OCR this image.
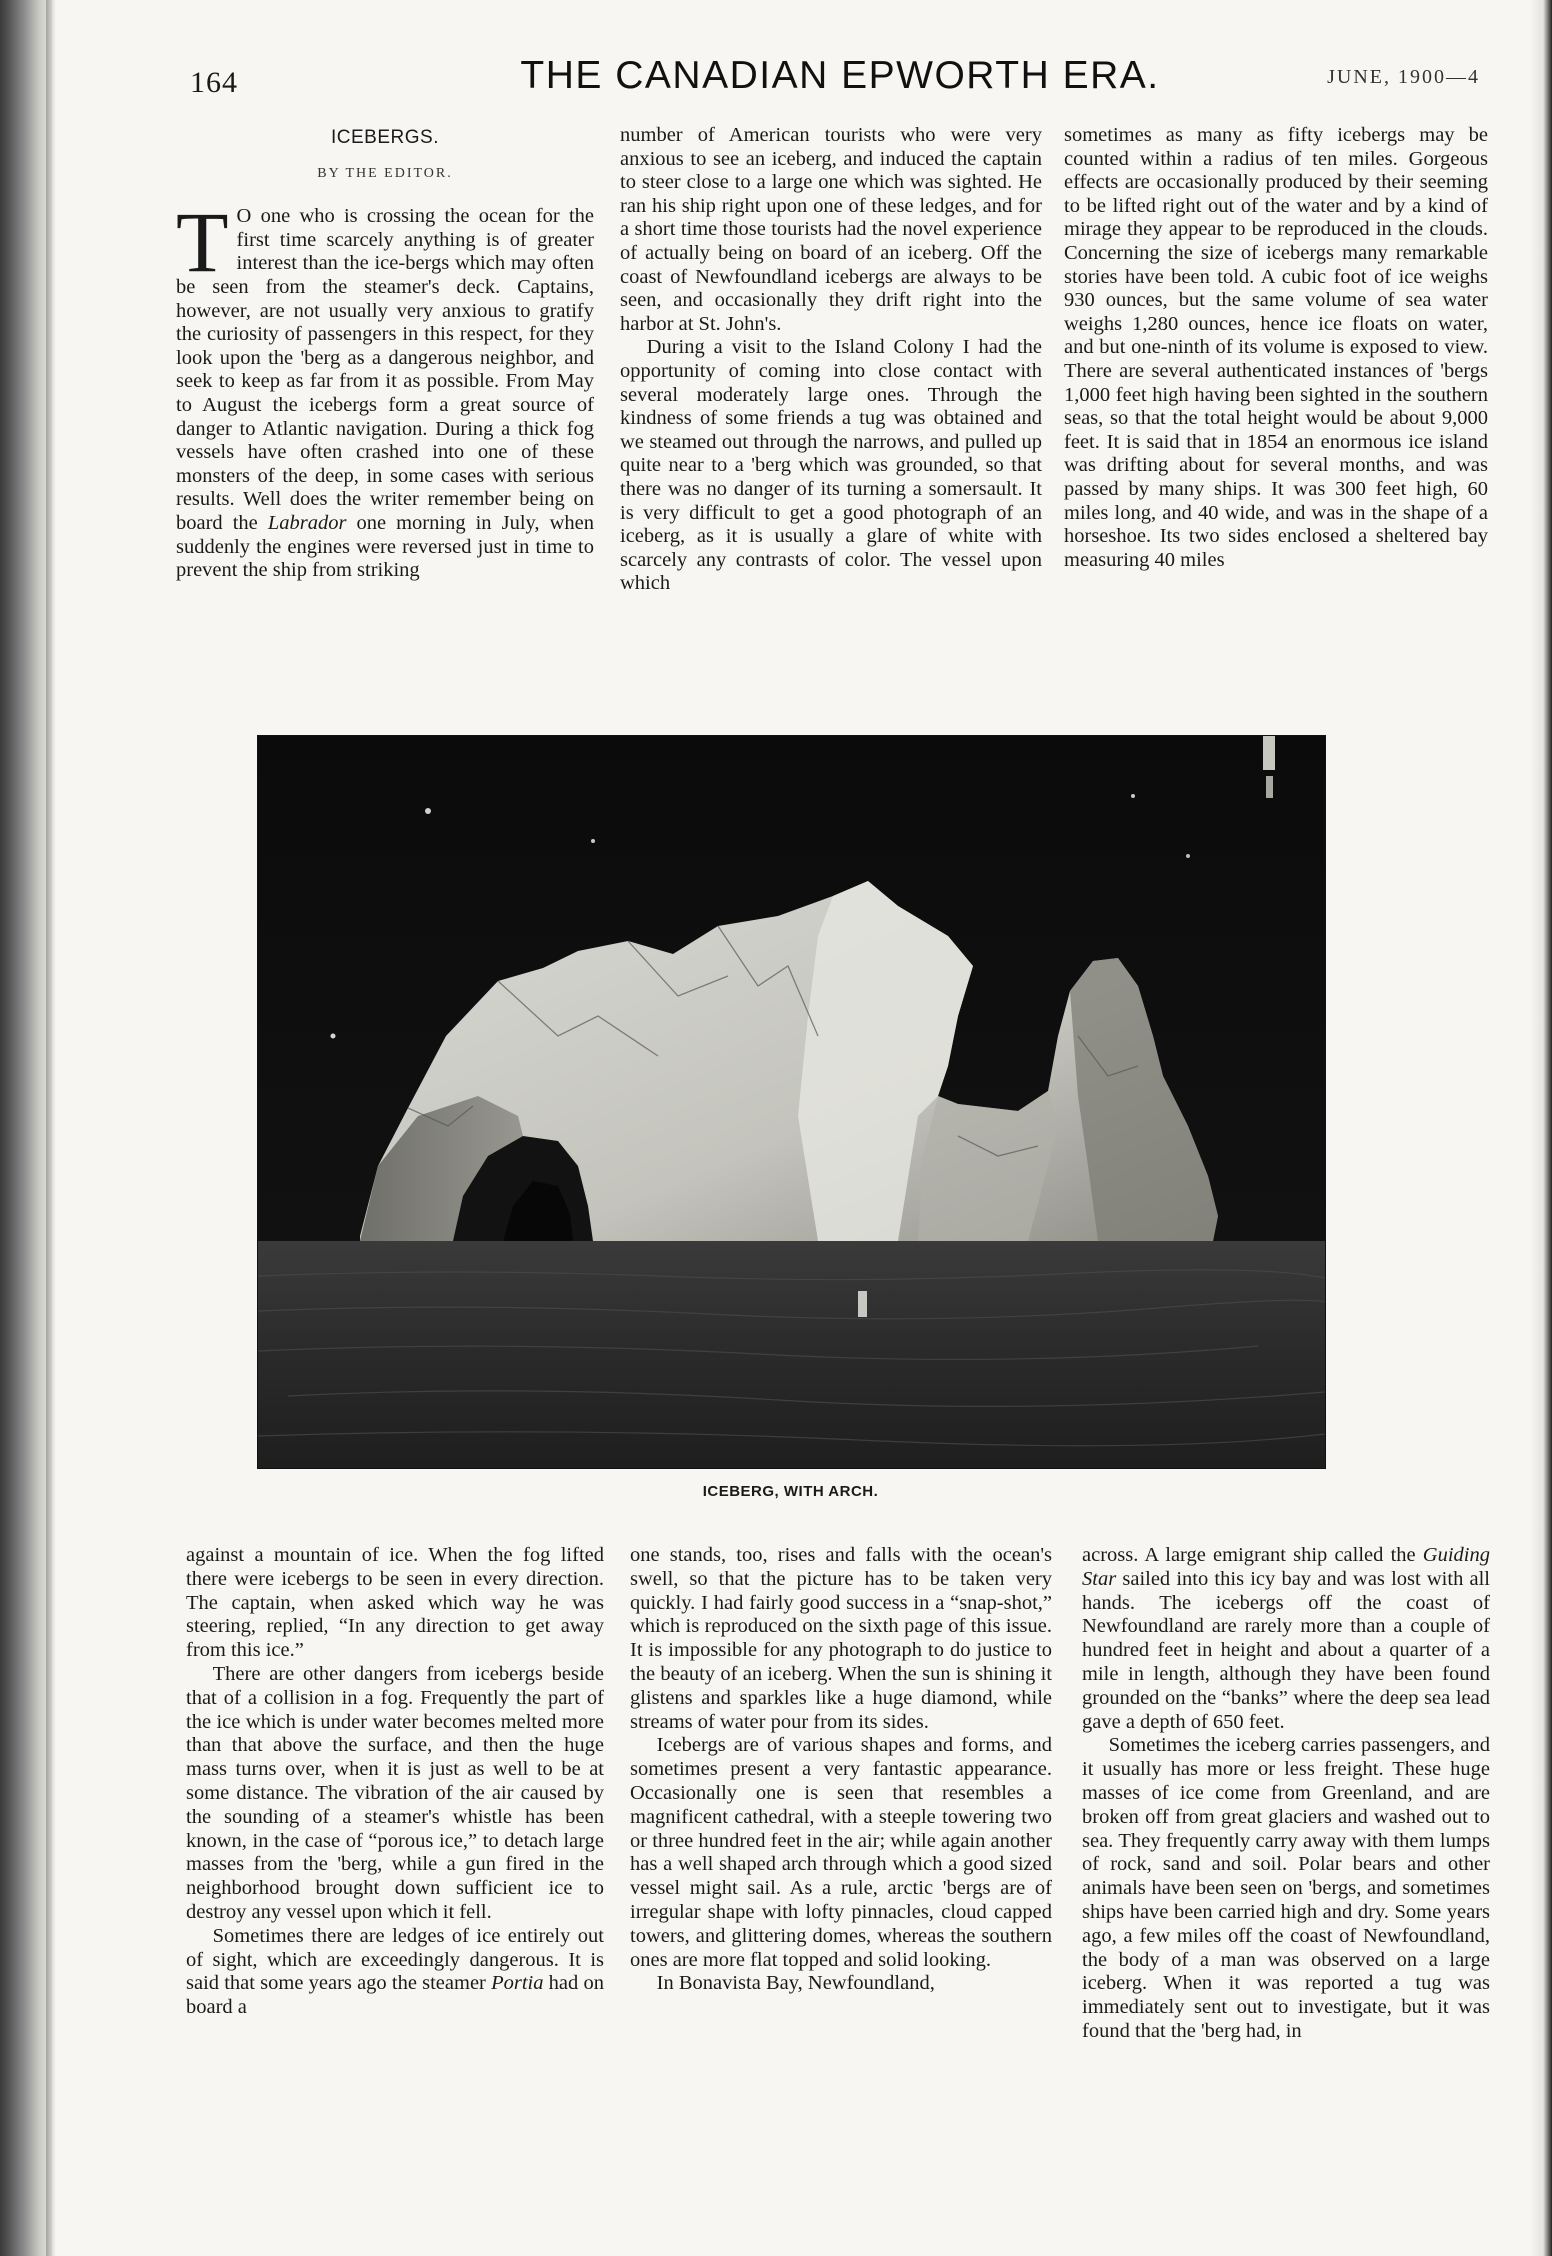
164	THE CANADIAN EPWORTH ERA.	JUNE, 1900—4
ICEBERGS.
BY THE EDITOR.

T O one who is crossing the ocean for the first time scarcely anything is of greater interest than the ice-bergs which may often be seen from the steamer's deck. Captains, however, are not usually very anxious to gratify the curiosity of passengers in this respect, for they look upon the 'berg as a dangerous neighbor, and seek to keep as far from it as possible. From May to August the icebergs form a great source of danger to Atlantic navigation. During a thick fog vessels have often crashed into one of these monsters of the deep, in some cases with serious results. Well does the writer remember being on board the Labrador one morning in July, when suddenly the engines were reversed just in time to prevent the ship from striking

number of American tourists who were very anxious to see an iceberg, and induced the captain to steer close to a large one which was sighted. He ran his ship right upon one of these ledges, and for a short time those tourists had the novel experience of actually being on board of an iceberg. Off the coast of Newfoundland icebergs are always to be seen, and occasionally they drift right into the harbor at St. John's.

During a visit to the Island Colony I had the opportunity of coming into close contact with several moderately large ones. Through the kindness of some friends a tug was obtained and we steamed out through the narrows, and pulled up quite near to a 'berg which was grounded, so that there was no danger of its turning a somersault. It is very difficult to get a good photograph of an iceberg, as it is usually a glare of white with scarcely any contrasts of color. The vessel upon which

sometimes as many as fifty icebergs may be counted within a radius of ten miles. Gorgeous effects are occasionally produced by their seeming to be lifted right out of the water and by a kind of mirage they appear to be reproduced in the clouds. Concerning the size of icebergs many remarkable stories have been told. A cubic foot of ice weighs 930 ounces, but the same volume of sea water weighs 1,280 ounces, hence ice floats on water, and but one-ninth of its volume is exposed to view. There are several authenticated instances of 'bergs 1,000 feet high having been sighted in the southern seas, so that the total height would be about 9,000 feet. It is said that in 1854 an enormous ice island was drifting about for several months, and was passed by many ships. It was 300 feet high, 60 miles long, and 40 wide, and was in the shape of a horseshoe. Its two sides enclosed a sheltered bay measuring 40 miles

ICEBERG, WITH ARCH.

against a mountain of ice. When the fog lifted there were icebergs to be seen in every direction. The captain, when asked which way he was steering, replied, “In any direction to get away from this ice.”

There are other dangers from icebergs beside that of a collision in a fog. Frequently the part of the ice which is under water becomes melted more than that above the surface, and then the huge mass turns over, when it is just as well to be at some distance. The vibration of the air caused by the sounding of a steamer's whistle has been known, in the case of “porous ice,” to detach large masses from the 'berg, while a gun fired in the neighborhood brought down sufficient ice to destroy any vessel upon which it fell.

Sometimes there are ledges of ice entirely out of sight, which are exceedingly dangerous. It is said that some years ago the steamer Portia had on board a

one stands, too, rises and falls with the ocean's swell, so that the picture has to be taken very quickly. I had fairly good success in a “snap-shot,” which is reproduced on the sixth page of this issue. It is impossible for any photograph to do justice to the beauty of an iceberg. When the sun is shining it glistens and sparkles like a huge diamond, while streams of water pour from its sides.

Icebergs are of various shapes and forms, and sometimes present a very fantastic appearance. Occasionally one is seen that resembles a magnificent cathedral, with a steeple towering two or three hundred feet in the air; while again another has a well shaped arch through which a good sized vessel might sail. As a rule, arctic 'bergs are of irregular shape with lofty pinnacles, cloud capped towers, and glittering domes, whereas the southern ones are more flat topped and solid looking.

In Bonavista Bay, Newfoundland,

across. A large emigrant ship called the Guiding Star sailed into this icy bay and was lost with all hands. The icebergs off the coast of Newfoundland are rarely more than a couple of hundred feet in height and about a quarter of a mile in length, although they have been found grounded on the “banks” where the deep sea lead gave a depth of 650 feet.

Sometimes the iceberg carries passengers, and it usually has more or less freight. These huge masses of ice come from Greenland, and are broken off from great glaciers and washed out to sea. They frequently carry away with them lumps of rock, sand and soil. Polar bears and other animals have been seen on 'bergs, and sometimes ships have been carried high and dry. Some years ago, a few miles off the coast of Newfoundland, the body of a man was observed on a large iceberg. When it was reported a tug was immediately sent out to investigate, but it was found that the 'berg had, in
